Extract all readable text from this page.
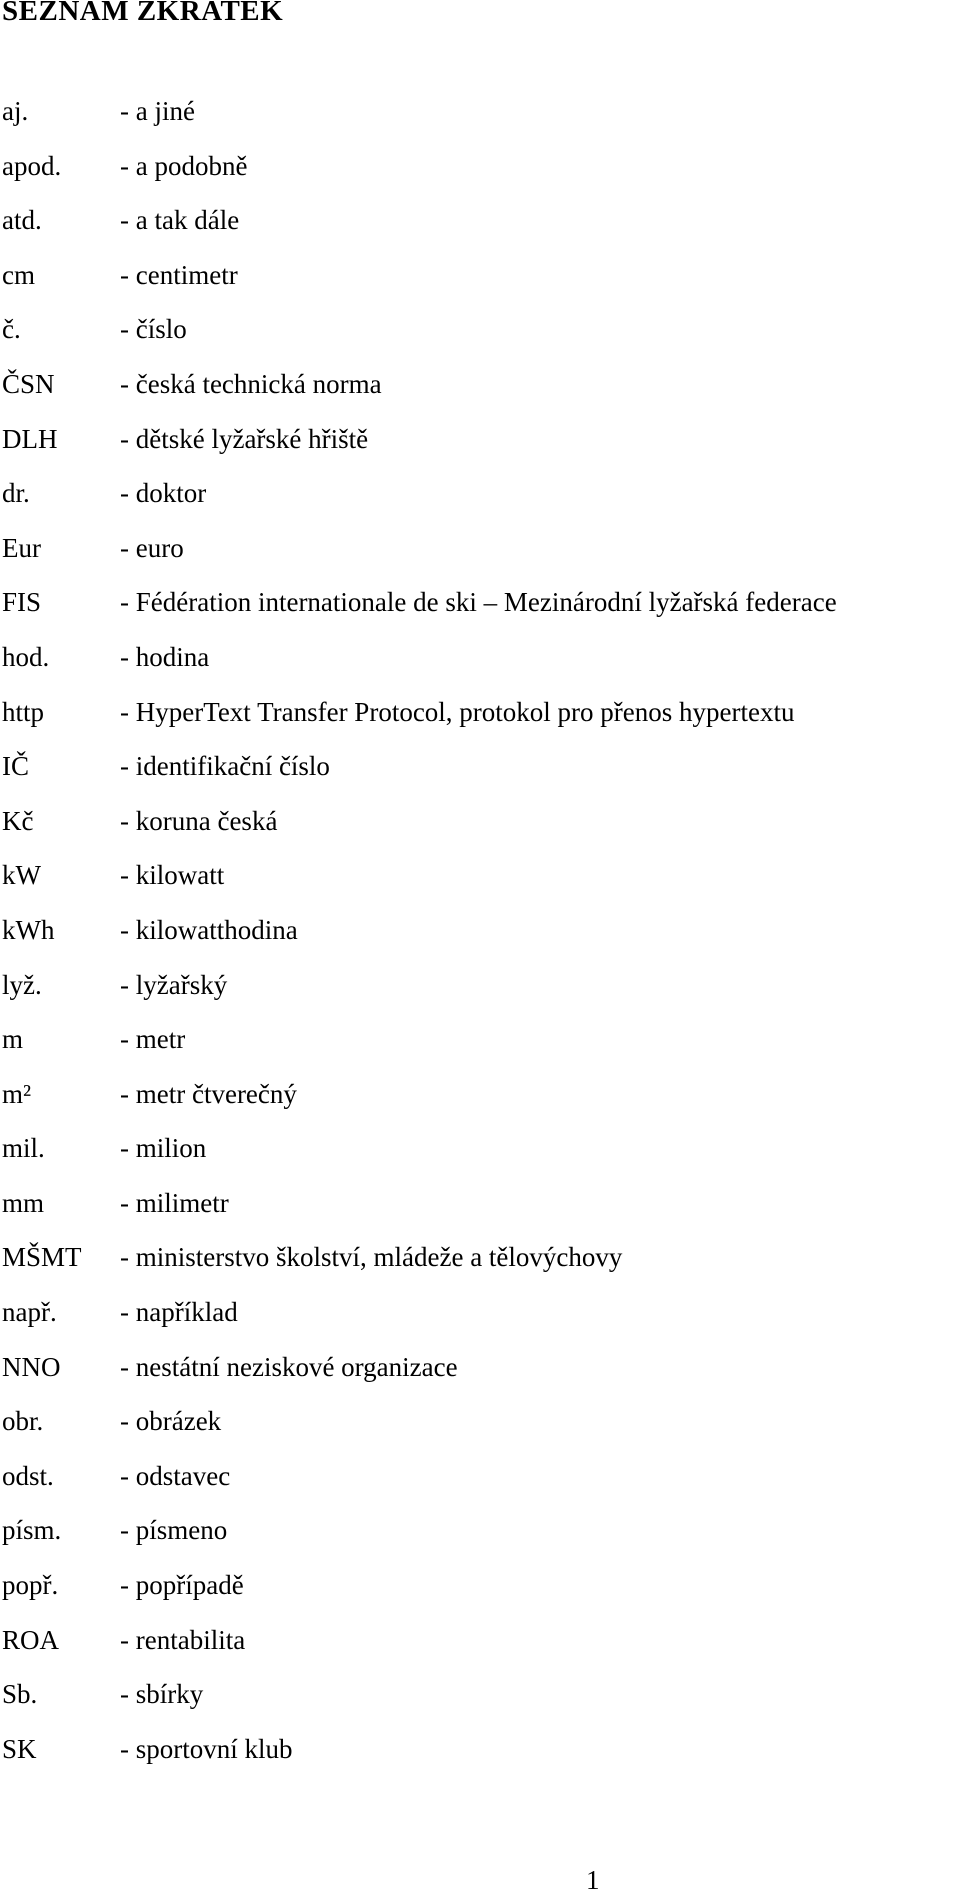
SEZNAM ZKRATEK
aj.	- a jiné
apod. - a podobně
atd.	- a tak dále
cm	- centimetr
č.	- číslo
ČSN - česká technická norma
DLH - dětské lyžařské hřiště
dr.	- doktor
Eur	- euro
FIS	- Fédération internationale de ski – Mezinárodní lyžařská federace
hod.	- hodina
http	- HyperText Transfer Protocol, protokol pro přenos hypertextu
IČ	- identifikační číslo
Kč	- koruna česká
kW	- kilowatt
kWh - kilowatthodina
lyž.	- lyžařský
m	- metr
m²	- metr čtverečný
mil.	- milion
mm	- milimetr
MŠMT - ministerstvo školství, mládeže a tělovýchovy
např. - například
NNO - nestátní neziskové organizace
obr.	- obrázek
odst. - odstavec
písm. - písmeno
popř. - popřípadě
ROA - rentabilita
Sb.	- sbírky
SK	- sportovní klub
1
